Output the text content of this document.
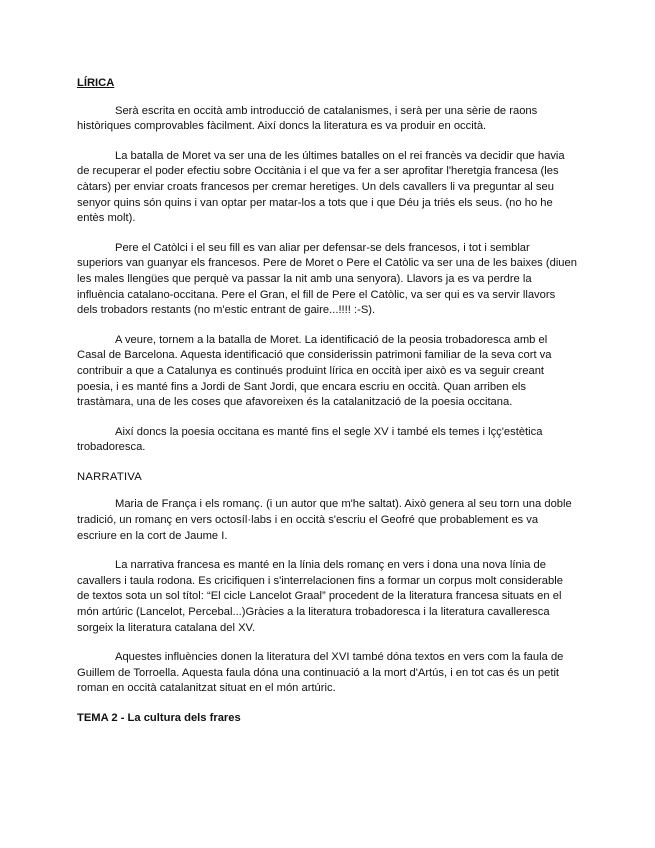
LÍRICA

Serà escrita en occità amb introducció de catalanismes, i serà per una sèrie de raons històriques comprovables fàcilment. Així doncs la literatura es va produir en occità.

La batalla de Moret va ser una de les últimes batalles on el rei francès va decidir que havia de recuperar el poder efectiu sobre Occitània i el que va fer a ser aprofitar l'heretgia francesa (les càtars) per enviar croats francesos per cremar heretiges. Un dels cavallers li va preguntar al seu senyor quins són quins i van optar per matar-los a tots que i que Déu ja triés els seus. (no ho he entès molt).

Pere el Catòlci i el seu fill es van aliar per defensar-se dels francesos, i tot i semblar superiors van guanyar els francesos. Pere de Moret o Pere el Catòlic va ser una de les baixes (diuen les males llengües que perquè va passar la nit amb una senyora). Llavors ja es va perdre la influència catalano-occitana. Pere el Gran, el fill de Pere el Catòlic, va ser qui es va servir llavors dels trobadors restants (no m'estic entrant de gaire...!!!! :-S).

A veure, tornem a la batalla de Moret. La identificació de la peosia trobadoresca amb el Casal de Barcelona. Aquesta identificació que considerissin patrimoni familiar de la seva cort va contribuir a que a Catalunya es continués produint lírica en occità iper això es va seguir creant poesia, i es manté fins a Jordi de Sant Jordi, que encara escriu en occità. Quan arriben els trastàmara, una de les coses que afavoreixen és la catalanització de la poesia occitana.

Així doncs la poesia occitana es manté fins el segle XV i també els temes i lçç'estètica trobadoresca.

NARRATIVA

Maria de França i els romanç. (i un autor que m'he saltat). Això genera al seu torn una doble tradició, un romanç en vers octosíl·labs i en occità s'escriu el Geofré que probablement es va escriure en la cort de Jaume I.

La narrativa francesa es manté en la línia dels romanç en vers i dona una nova línia de cavallers i taula rodona. Es cricifiquen i s'interrelacionen fins a formar un corpus molt considerable de textos sota un sol títol: “El cicle Lancelot Graal” procedent de la literatura francesa situats en el món artúric (Lancelot, Percebal...)Gràcies a la literatura trobadoresca i la literatura cavalleresca sorgeix la literatura catalana del XV.

Aquestes influències donen la literatura del XVI també dóna textos en vers com la faula de Guillem de Torroella. Aquesta faula dóna una continuació a la mort d'Artús, i en tot cas és un petit roman en occità catalanitzat situat en el món artúric.

TEMA 2 - La cultura dels frares
